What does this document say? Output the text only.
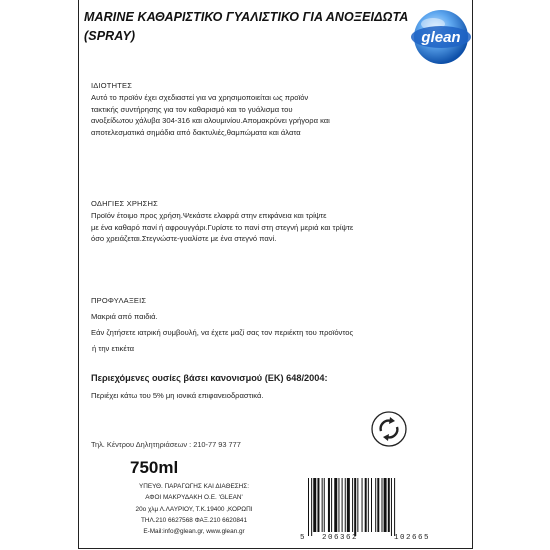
MARINE ΚΑΘΑΡΙΣΤΙΚΟ ΓΥΑΛΙΣΤΙΚΟ ΓΙΑ ΑΝΟΞΕΙΔΩΤΑ
(SPRAY)	glean
ΙΔΙΟΤΗΤΕΣ
Αυτό το προϊόν έχει σχεδιαστεί για να χρησιμοποιείται ως προϊόν
τακτικής συντήρησης για τον καθαρισμό και το γυάλισμα του
ανοξείδωτου χάλυβα 304-316 και αλουμινίου.Απομακρύνει γρήγορα και
αποτελεσματικά σημάδια από δακτυλιές,θαμπώματα και άλατα
ΟΔΗΓΙΕΣ ΧΡΗΣΗΣ
Προϊόν έτοιμο προς χρήση.Ψεκάστε ελαφρά στην επιφάνεια και τρίψτε
με ένα καθαρό πανί ή αφρουγγάρι.Γυρίστε το πανί στη στεγνή μεριά και τρίψτε
όσο χρειάζεται.Στεγνώστε-γυαλίστε με ένα στεγνό πανί.
ΠΡΟΦΥΛΑΞΕΙΣ
Μακριά από παιδιά.
Εάν ζητήσετε ιατρική συμβουλή, να έχετε μαζί σας τον περιέκτη του προϊόντος
ή την ετικέτα
Περιεχόμενες ουσίες βάσει κανονισμού (ΕΚ) 648/2004:
Περιέχει κάτω του 5% μη ιονικά επιφανειοδραστικά.
Τηλ. Κέντρου Δηλητηριάσεων : 210-77 93 777
750ml
ΥΠΕΥΘ. ΠΑΡΑΓΩΓΗΣ ΚΑΙ ΔΙΑΘΕΣΗΣ:
ΑΦΟΙ ΜΑΚΡΥΔΑΚΗ Ο.Ε. 'GLEAN'
20ο χλμ Λ.ΛΑΥΡΙΟΥ, Τ.Κ.19400 ,ΚΟΡΩΠΙ
ΤΗΛ.210 6627568 ΦΑΞ.210 6620841
E-Mail:info@glean.gr, www.glean.gr
5 206362	102665
